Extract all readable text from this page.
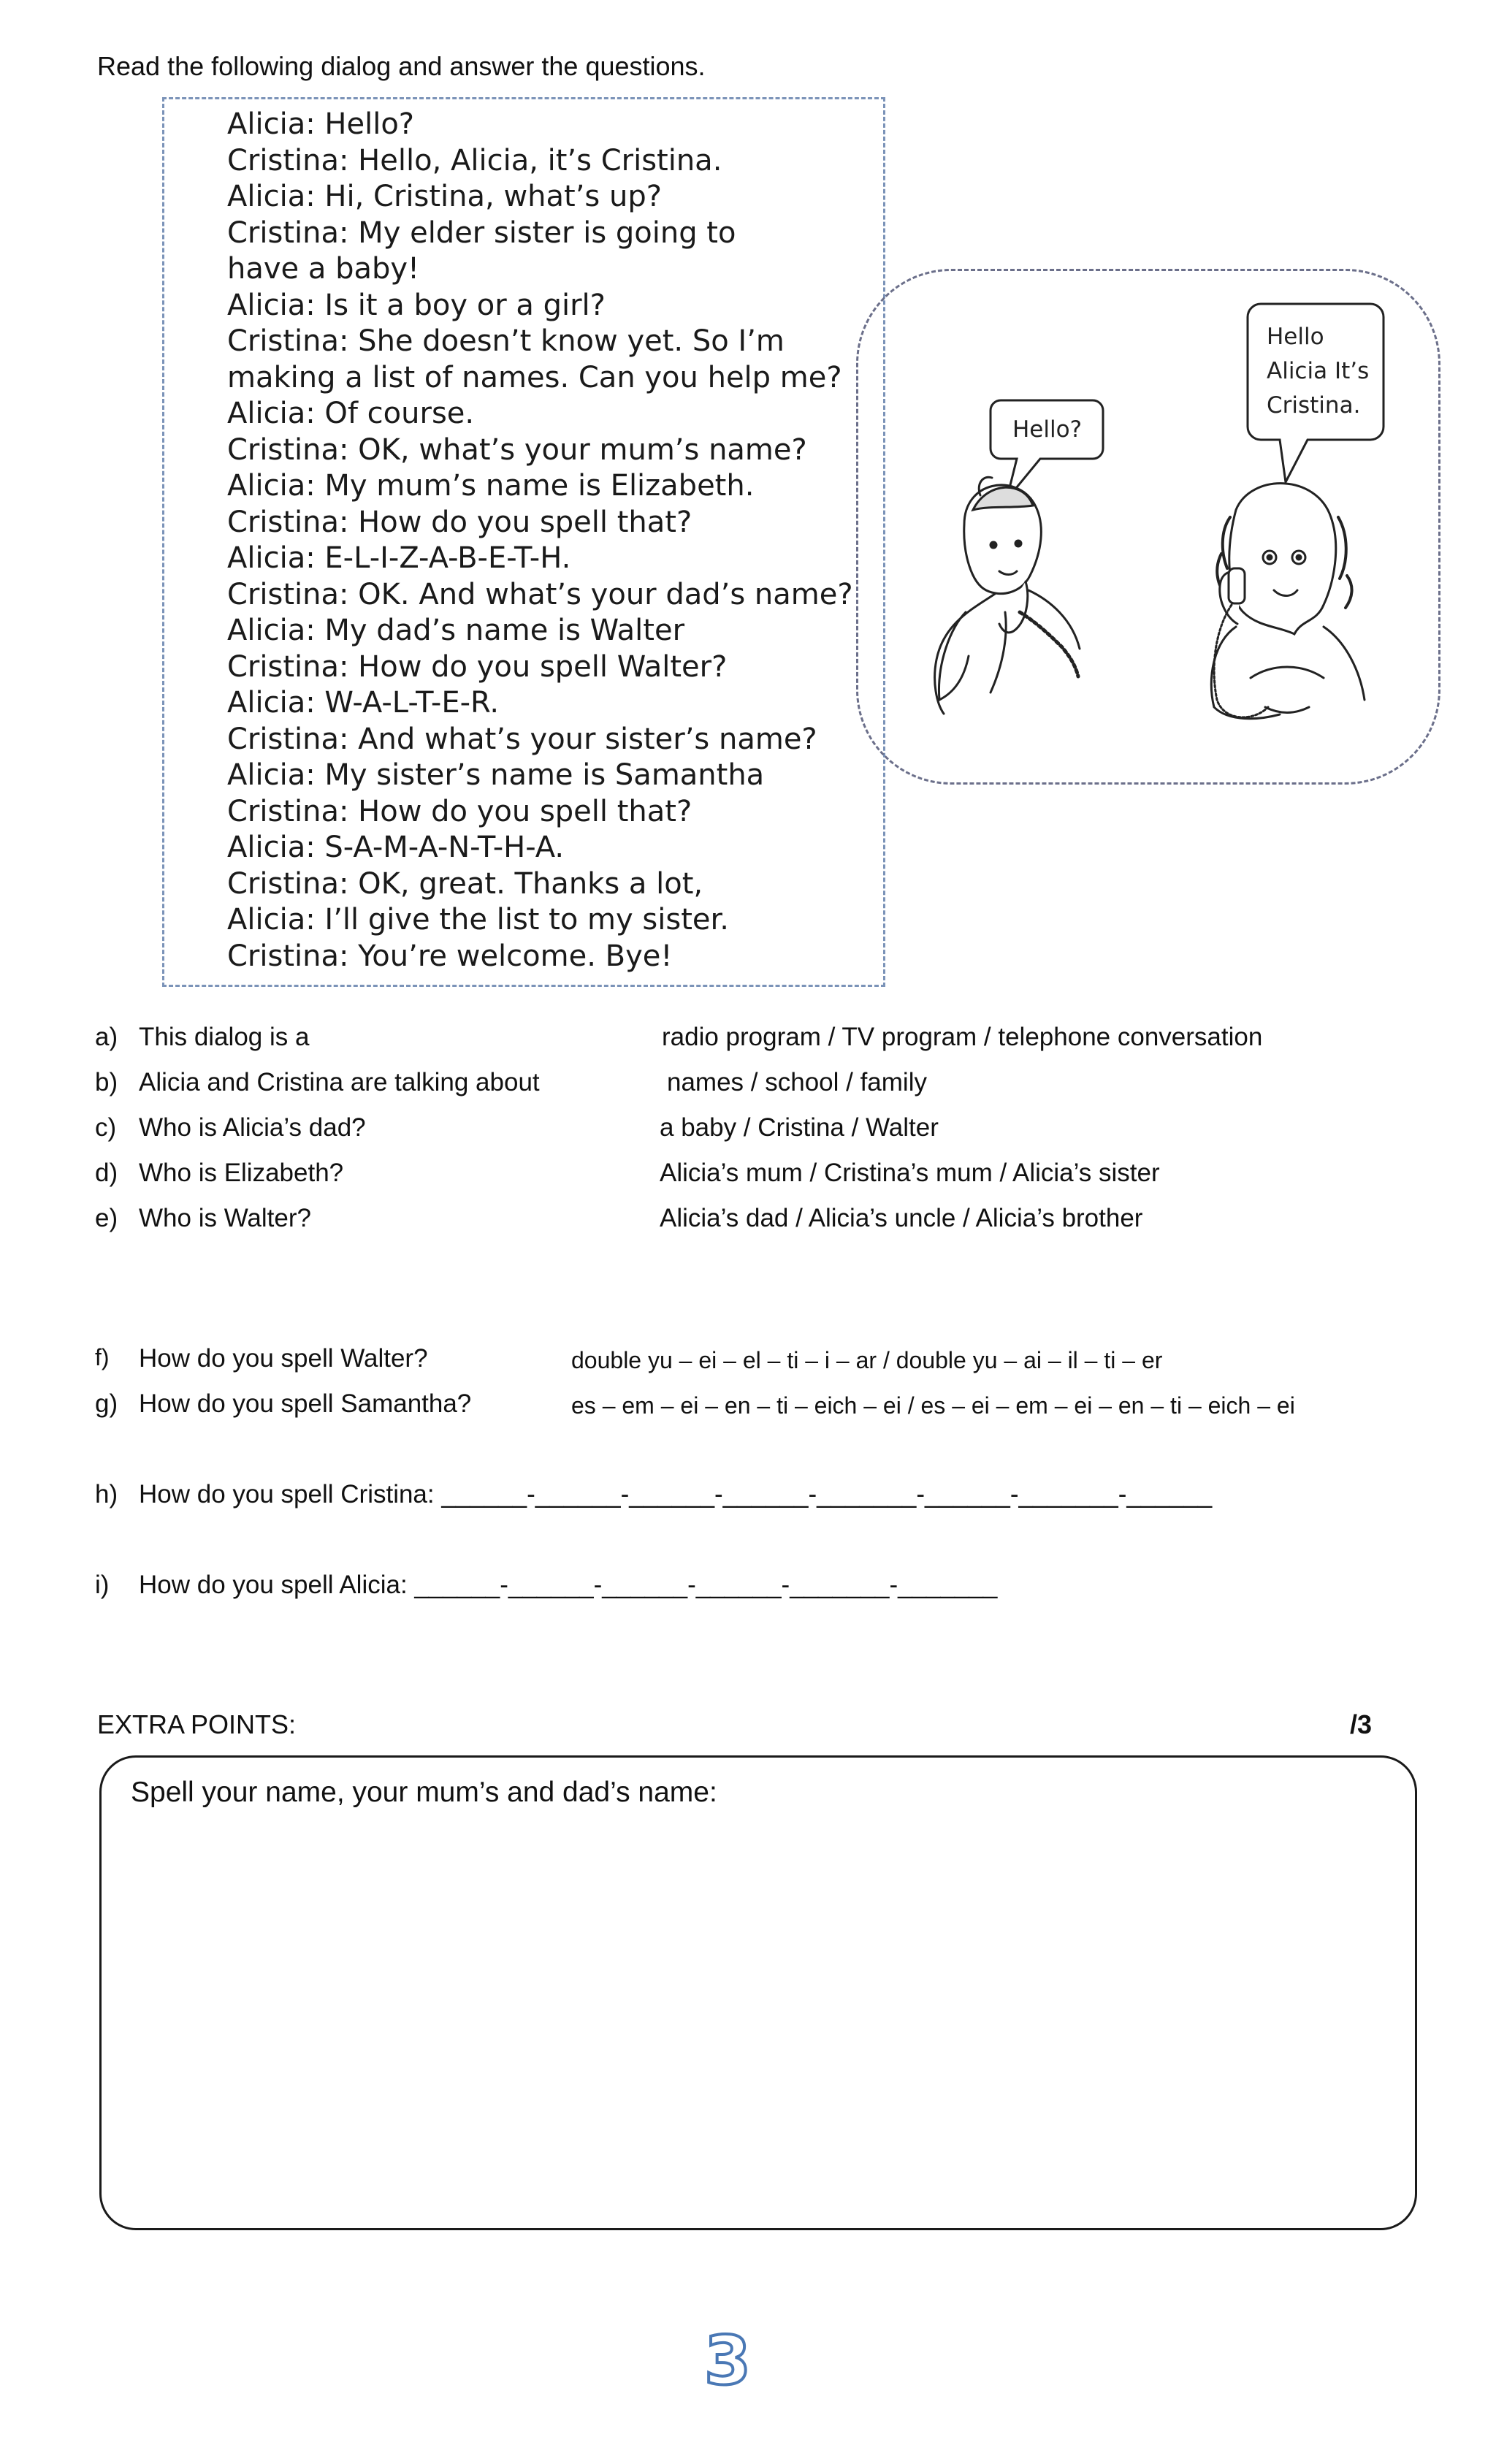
Read the following dialog and answer the questions.
Alicia: Hello?
Cristina: Hello, Alicia, it’s Cristina.
Alicia: Hi, Cristina, what’s up?
Cristina: My elder sister is going to have a baby!
Alicia: Is it a boy or a girl?
Cristina: She doesn’t know yet. So I’m making a list of names. Can you help me?
Alicia: Of course.
Cristina: OK, what’s your mum’s name?
Alicia: My mum’s name is Elizabeth.
Cristina: How do you spell that?
Alicia: E-L-I-Z-A-B-E-T-H.
Cristina: OK. And what’s your dad’s name?
Alicia: My dad’s name is Walter
Cristina: How do you spell Walter?
Alicia: W-A-L-T-E-R.
Cristina: And what’s your sister’s name?
Alicia: My sister’s name is Samantha
Cristina: How do you spell that?
Alicia: S-A-M-A-N-T-H-A.
Cristina: OK, great. Thanks a lot,
Alicia: I’ll give the list to my sister.
Cristina: You’re welcome. Bye!
Hello?
Hello Alicia It’s Cristina.
a) This dialog is a	radio program / TV program / telephone conversation
b) Alicia and Cristina are talking about	names / school / family
c) Who is Alicia’s dad?	a baby / Cristina / Walter
d) Who is Elizabeth?	Alicia’s mum / Cristina’s mum / Alicia’s sister
e) Who is Walter?	Alicia’s dad / Alicia’s uncle / Alicia’s brother
f) How do you spell Walter?	double yu – ei – el – ti – i – ar / double yu – ai – il – ti – er
g) How do you spell Samantha?	es – em – ei – en – ti – eich – ei / es – ei – em – ei – en – ti – eich – ei
h) How do you spell Cristina: ______-______-______-______-_______-______-_______-______
i) How do you spell Alicia: ______-______-______-______-_______-_______
EXTRA POINTS:	/3
Spell your name, your mum’s and dad’s name:
3
